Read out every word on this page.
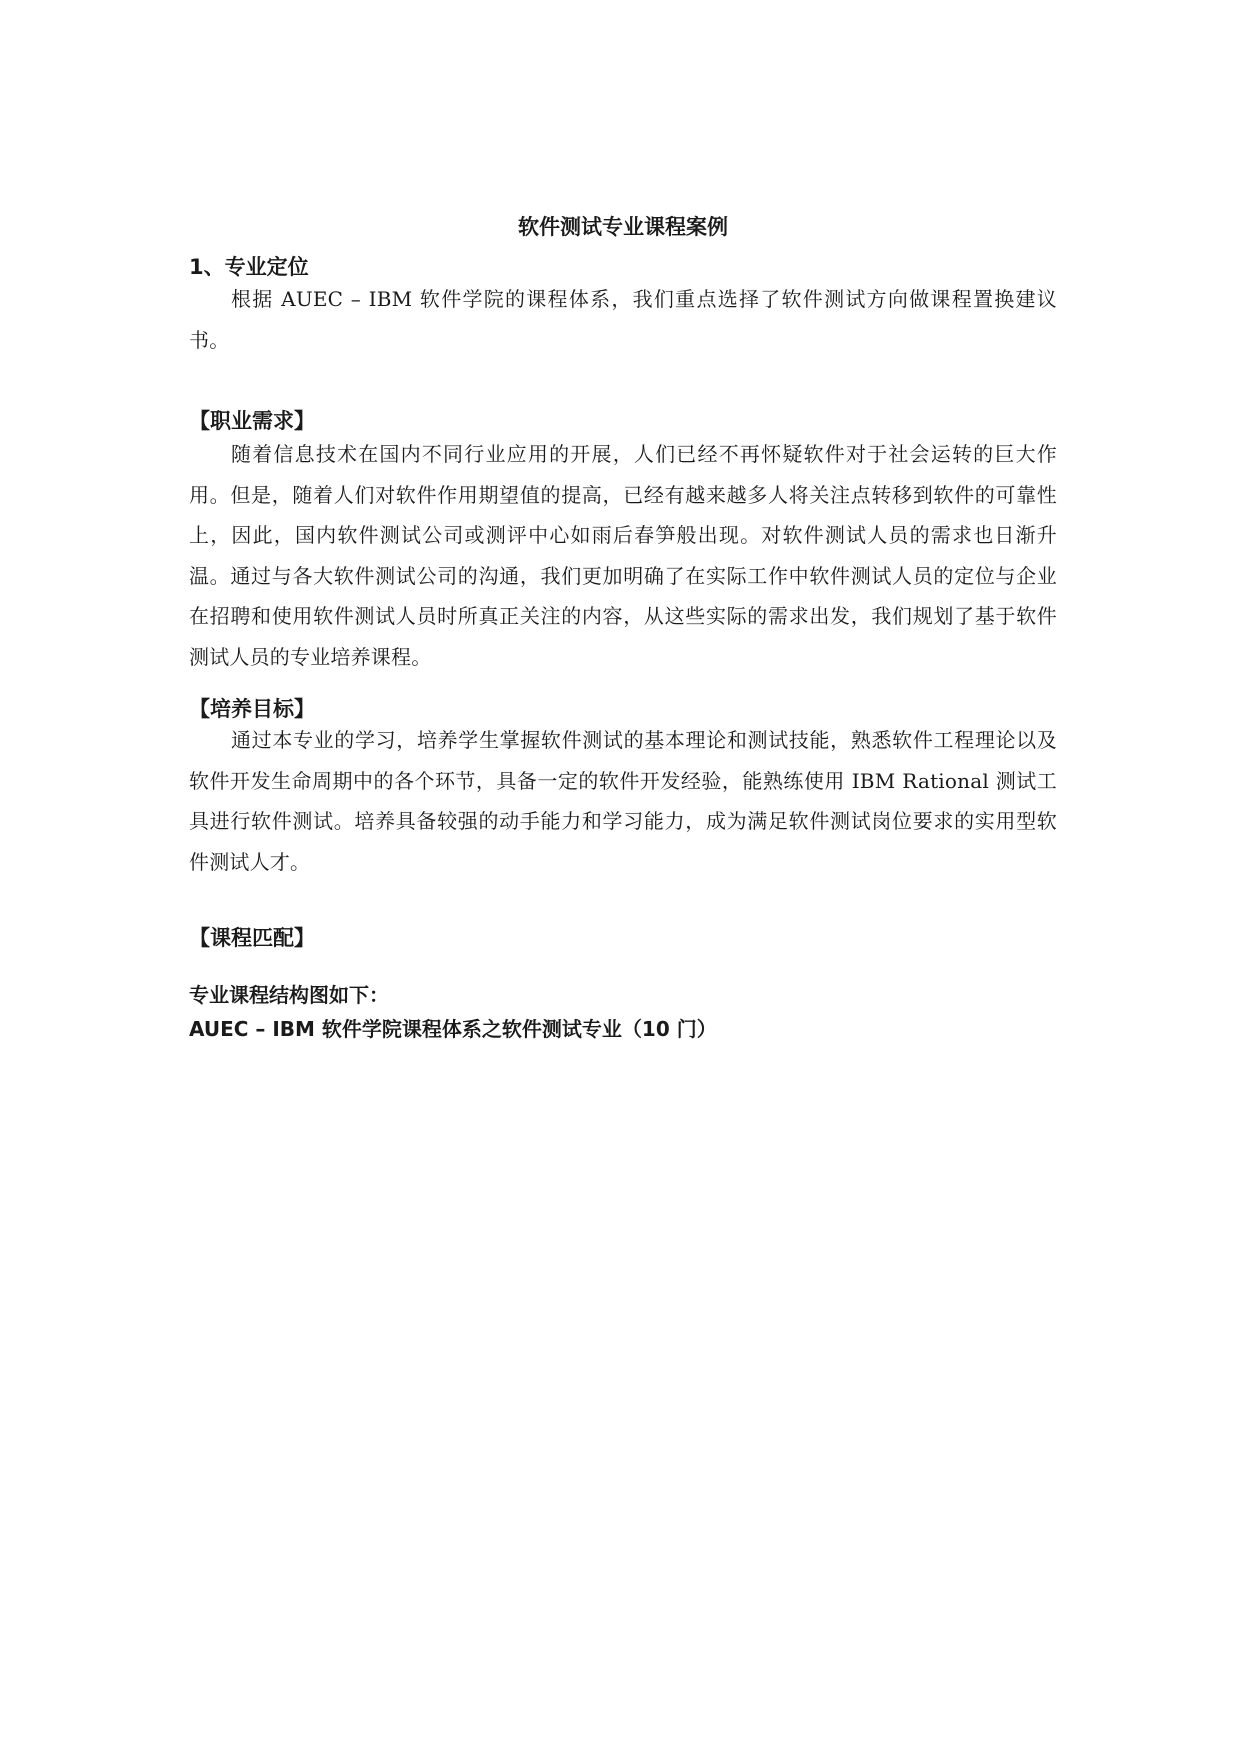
软件测试专业课程案例
1、专业定位
根据 AUEC – IBM 软件学院的课程体系，我们重点选择了软件测试方向做课程置换建议书。
【职业需求】
随着信息技术在国内不同行业应用的开展，人们已经不再怀疑软件对于社会运转的巨大作用。但是，随着人们对软件作用期望值的提高，已经有越来越多人将关注点转移到软件的可靠性上，因此，国内软件测试公司或测评中心如雨后春笋般出现。对软件测试人员的需求也日渐升温。通过与各大软件测试公司的沟通，我们更加明确了在实际工作中软件测试人员的定位与企业在招聘和使用软件测试人员时所真正关注的内容，从这些实际的需求出发，我们规划了基于软件测试人员的专业培养课程。
【培养目标】
通过本专业的学习，培养学生掌握软件测试的基本理论和测试技能，熟悉软件工程理论以及软件开发生命周期中的各个环节，具备一定的软件开发经验，能熟练使用 IBM Rational 测试工具进行软件测试。培养具备较强的动手能力和学习能力，成为满足软件测试岗位要求的实用型软件测试人才。
【课程匹配】
专业课程结构图如下：
AUEC – IBM 软件学院课程体系之软件测试专业（10 门）
